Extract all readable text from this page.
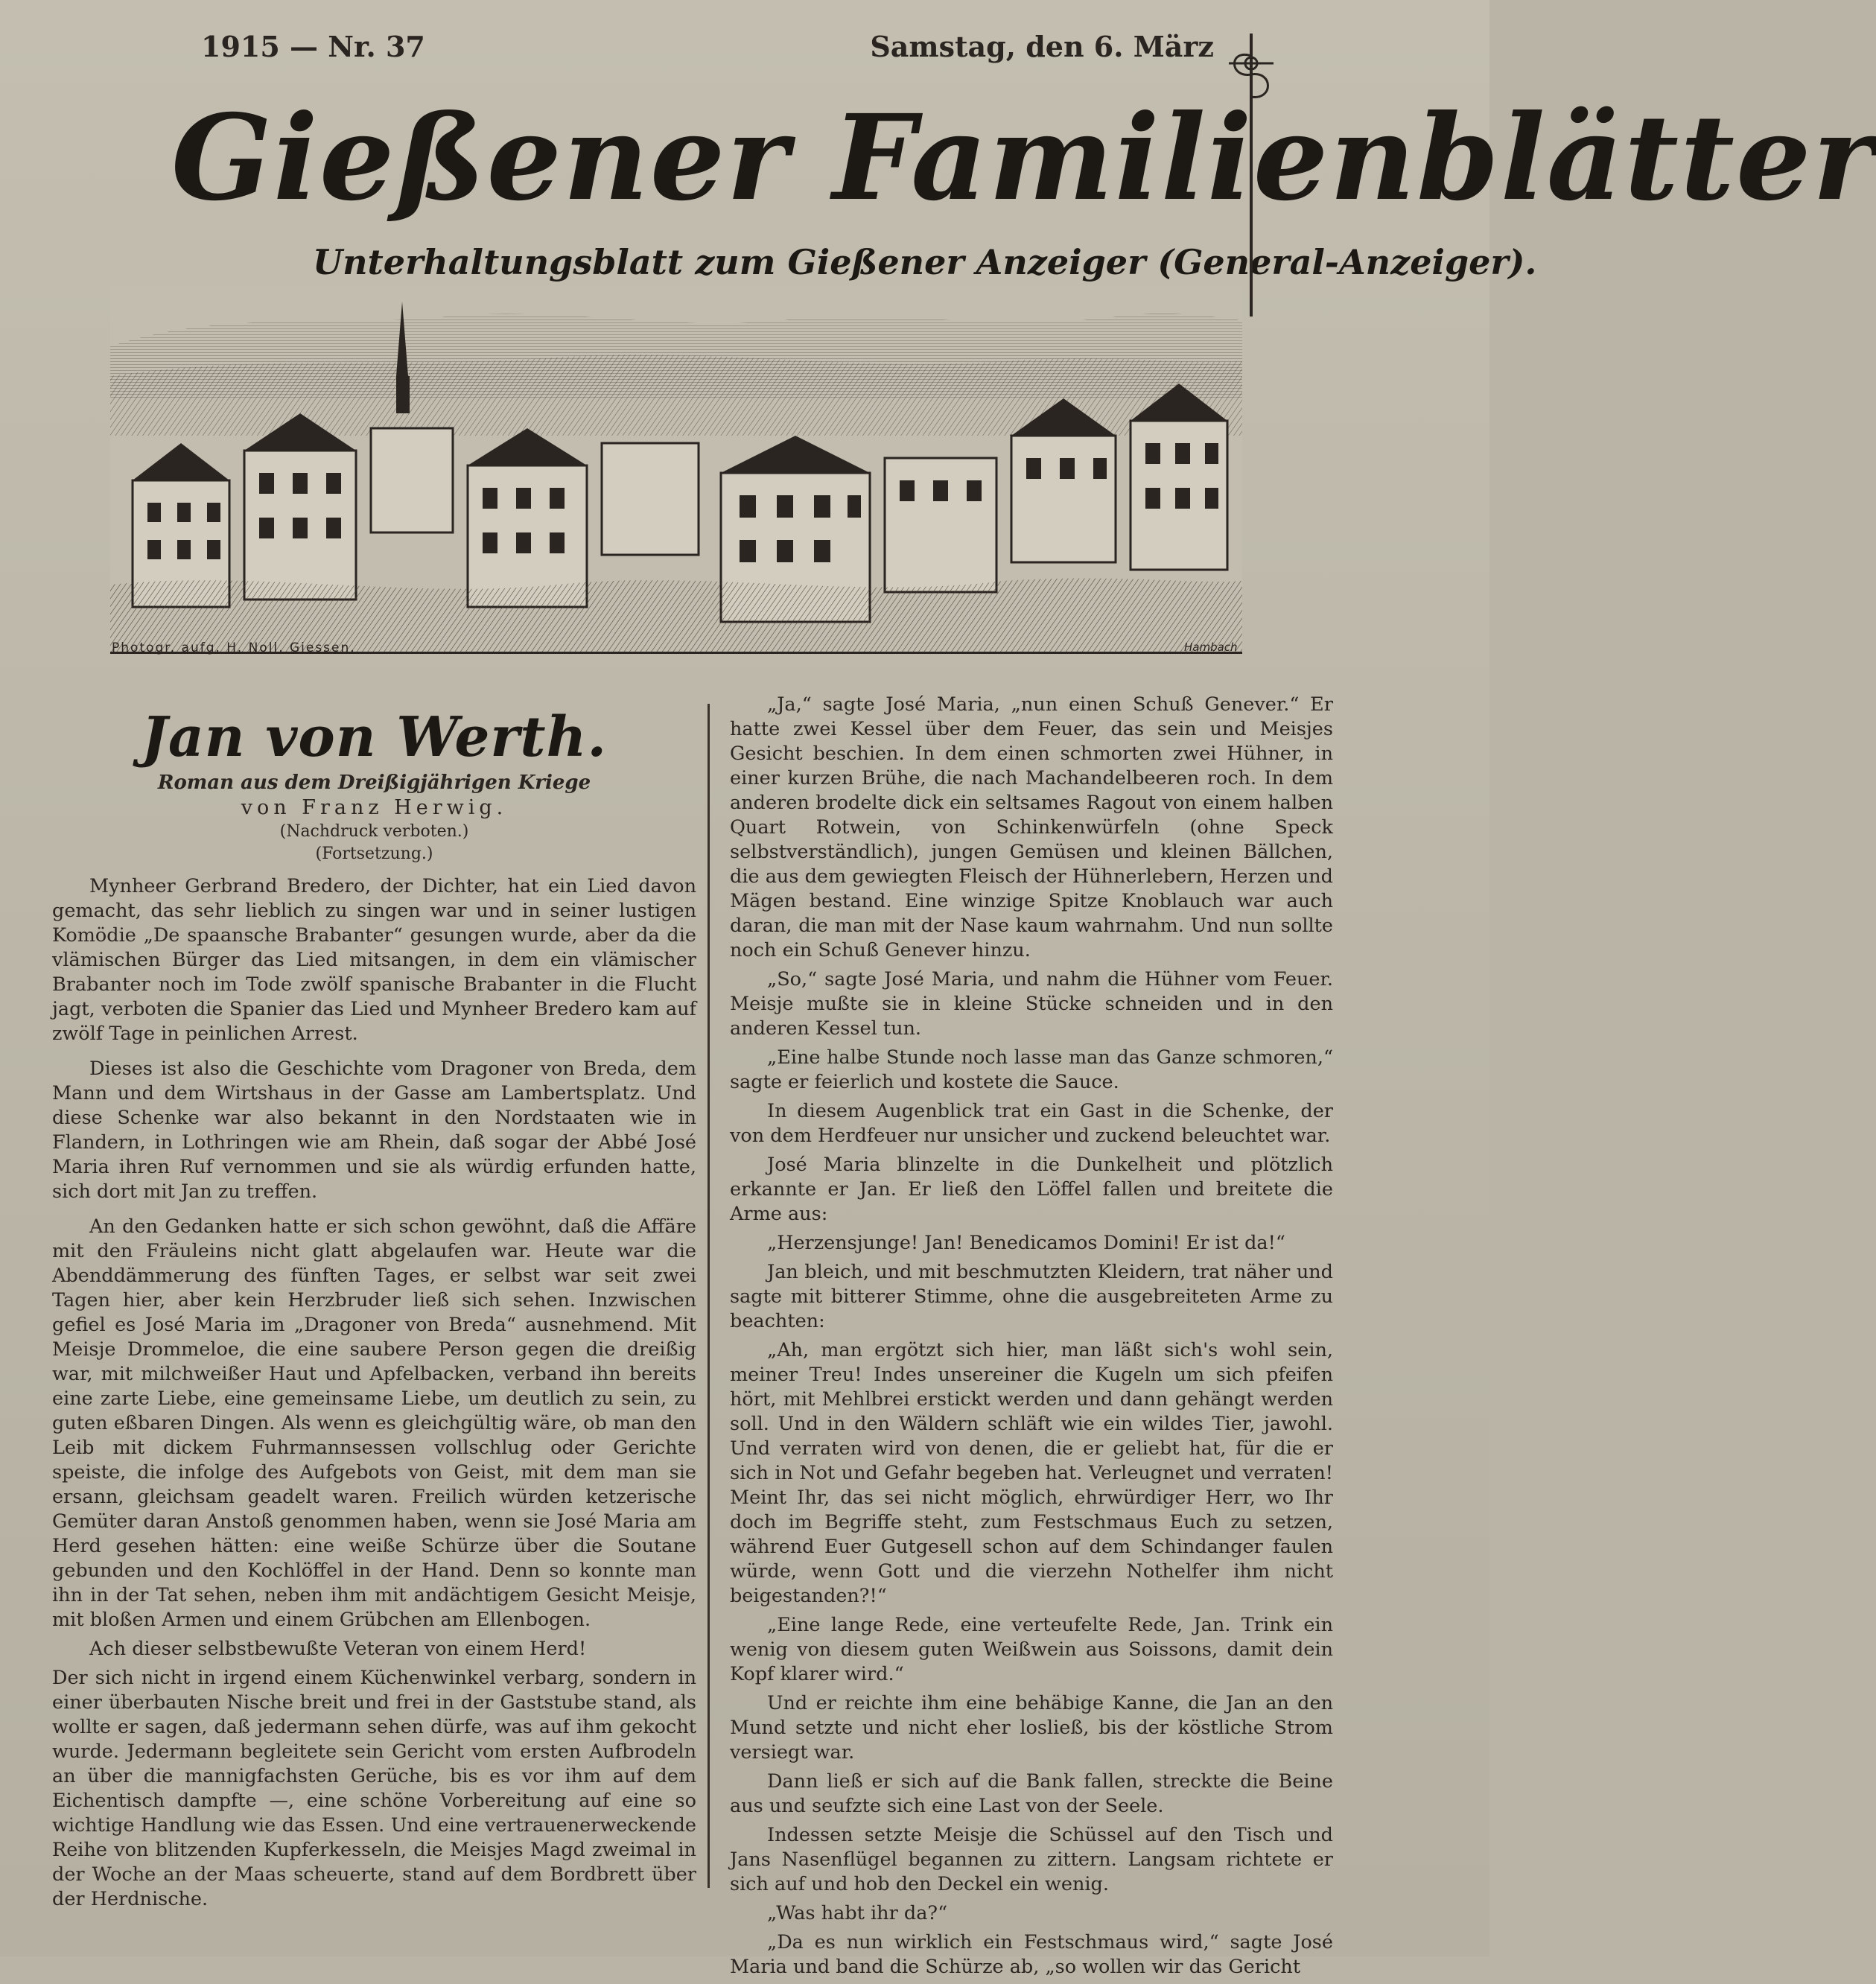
1915 — Nr. 37	Samstag, den 6. März
Gießener Familienblätter
Unterhaltungsblatt zum Gießener Anzeiger (General-Anzeiger).
Photogr. aufg. H. Noll, Giessen.	Hambach
Jan von Werth.
Roman aus dem Dreißigjährigen Kriege
von Franz Herwig.
(Nachdruck verboten.)
(Fortsetzung.)

Mynheer Gerbrand Bredero, der Dichter, hat ein Lied davon gemacht, das sehr lieblich zu singen war und in seiner lustigen Komödie „De spaansche Brabanter“ gesungen wurde, aber da die vlämischen Bürger das Lied mitsangen, in dem ein vlämischer Brabanter noch im Tode zwölf spanische Brabanter in die Flucht jagt, verboten die Spanier das Lied und Mynheer Bredero kam auf zwölf Tage in peinlichen Arrest.

Dieses ist also die Geschichte vom Dragoner von Breda, dem Mann und dem Wirtshaus in der Gasse am Lambertsplatz. Und diese Schenke war also bekannt in den Nordstaaten wie in Flandern, in Lothringen wie am Rhein, daß sogar der Abbé José Maria ihren Ruf vernommen und sie als würdig erfunden hatte, sich dort mit Jan zu treffen.

An den Gedanken hatte er sich schon gewöhnt, daß die Affäre mit den Fräuleins nicht glatt abgelaufen war. Heute war die Abenddämmerung des fünften Tages, er selbst war seit zwei Tagen hier, aber kein Herzbruder ließ sich sehen. Inzwischen gefiel es José Maria im „Dragoner von Breda“ ausnehmend. Mit Meisje Drommeloe, die eine saubere Person gegen die dreißig war, mit milchweißer Haut und Apfelbacken, verband ihn bereits eine zarte Liebe, eine gemeinsame Liebe, um deutlich zu sein, zu guten eßbaren Dingen. Als wenn es gleichgültig wäre, ob man den Leib mit dickem Fuhrmannsessen vollschlug oder Gerichte speiste, die infolge des Aufgebots von Geist, mit dem man sie ersann, gleichsam geadelt waren. Freilich würden ketzerische Gemüter daran Anstoß genommen haben, wenn sie José Maria am Herd gesehen hätten: eine weiße Schürze über die Soutane gebunden und den Kochlöffel in der Hand. Denn so konnte man ihn in der Tat sehen, neben ihm mit andächtigem Gesicht Meisje, mit bloßen Armen und einem Grübchen am Ellenbogen.

Ach dieser selbstbewußte Veteran von einem Herd!

Der sich nicht in irgend einem Küchenwinkel verbarg, sondern in einer überbauten Nische breit und frei in der Gaststube stand, als wollte er sagen, daß jedermann sehen dürfe, was auf ihm gekocht wurde. Jedermann begleitete sein Gericht vom ersten Aufbrodeln an über die mannigfachsten Gerüche, bis es vor ihm auf dem Eichentisch dampfte —, eine schöne Vorbereitung auf eine so wichtige Handlung wie das Essen. Und eine vertrauenerweckende Reihe von blitzenden Kupferkesseln, die Meisjes Magd zweimal in der Woche an der Maas scheuerte, stand auf dem Bordbrett über der Herdnische.

„Ja,“ sagte José Maria, „nun einen Schuß Genever.“ Er hatte zwei Kessel über dem Feuer, das sein und Meisjes Gesicht beschien. In dem einen schmorten zwei Hühner, in einer kurzen Brühe, die nach Machandelbeeren roch. In dem anderen brodelte dick ein seltsames Ragout von einem halben Quart Rotwein, von Schinkenwürfeln (ohne Speck selbstverständlich), jungen Gemüsen und kleinen Bällchen, die aus dem gewiegten Fleisch der Hühnerlebern, Herzen und Mägen bestand. Eine winzige Spitze Knoblauch war auch daran, die man mit der Nase kaum wahrnahm. Und nun sollte noch ein Schuß Genever hinzu.

„So,“ sagte José Maria, und nahm die Hühner vom Feuer. Meisje mußte sie in kleine Stücke schneiden und in den anderen Kessel tun.

„Eine halbe Stunde noch lasse man das Ganze schmoren,“ sagte er feierlich und kostete die Sauce.

In diesem Augenblick trat ein Gast in die Schenke, der von dem Herdfeuer nur unsicher und zuckend beleuchtet war.

José Maria blinzelte in die Dunkelheit und plötzlich erkannte er Jan. Er ließ den Löffel fallen und breitete die Arme aus:

„Herzensjunge! Jan! Benedicamos Domini! Er ist da!“

Jan bleich, und mit beschmutzten Kleidern, trat näher und sagte mit bitterer Stimme, ohne die ausgebreiteten Arme zu beachten:

„Ah, man ergötzt sich hier, man läßt sich's wohl sein, meiner Treu! Indes unsereiner die Kugeln um sich pfeifen hört, mit Mehlbrei erstickt werden und dann gehängt werden soll. Und in den Wäldern schläft wie ein wildes Tier, jawohl. Und verraten wird von denen, die er geliebt hat, für die er sich in Not und Gefahr begeben hat. Verleugnet und verraten! Meint Ihr, das sei nicht möglich, ehrwürdiger Herr, wo Ihr doch im Begriffe steht, zum Festschmaus Euch zu setzen, während Euer Gutgesell schon auf dem Schindanger faulen würde, wenn Gott und die vierzehn Nothelfer ihm nicht beigestanden?!“

„Eine lange Rede, eine verteufelte Rede, Jan. Trink ein wenig von diesem guten Weißwein aus Soissons, damit dein Kopf klarer wird.“

Und er reichte ihm eine behäbige Kanne, die Jan an den Mund setzte und nicht eher losließ, bis der köstliche Strom versiegt war.

Dann ließ er sich auf die Bank fallen, streckte die Beine aus und seufzte sich eine Last von der Seele.

Indessen setzte Meisje die Schüssel auf den Tisch und Jans Nasenflügel begannen zu zittern. Langsam richtete er sich auf und hob den Deckel ein wenig.

„Was habt ihr da?“

„Da es nun wirklich ein Festschmaus wird,“ sagte José Maria und band die Schürze ab, „so wollen wir das Gericht
